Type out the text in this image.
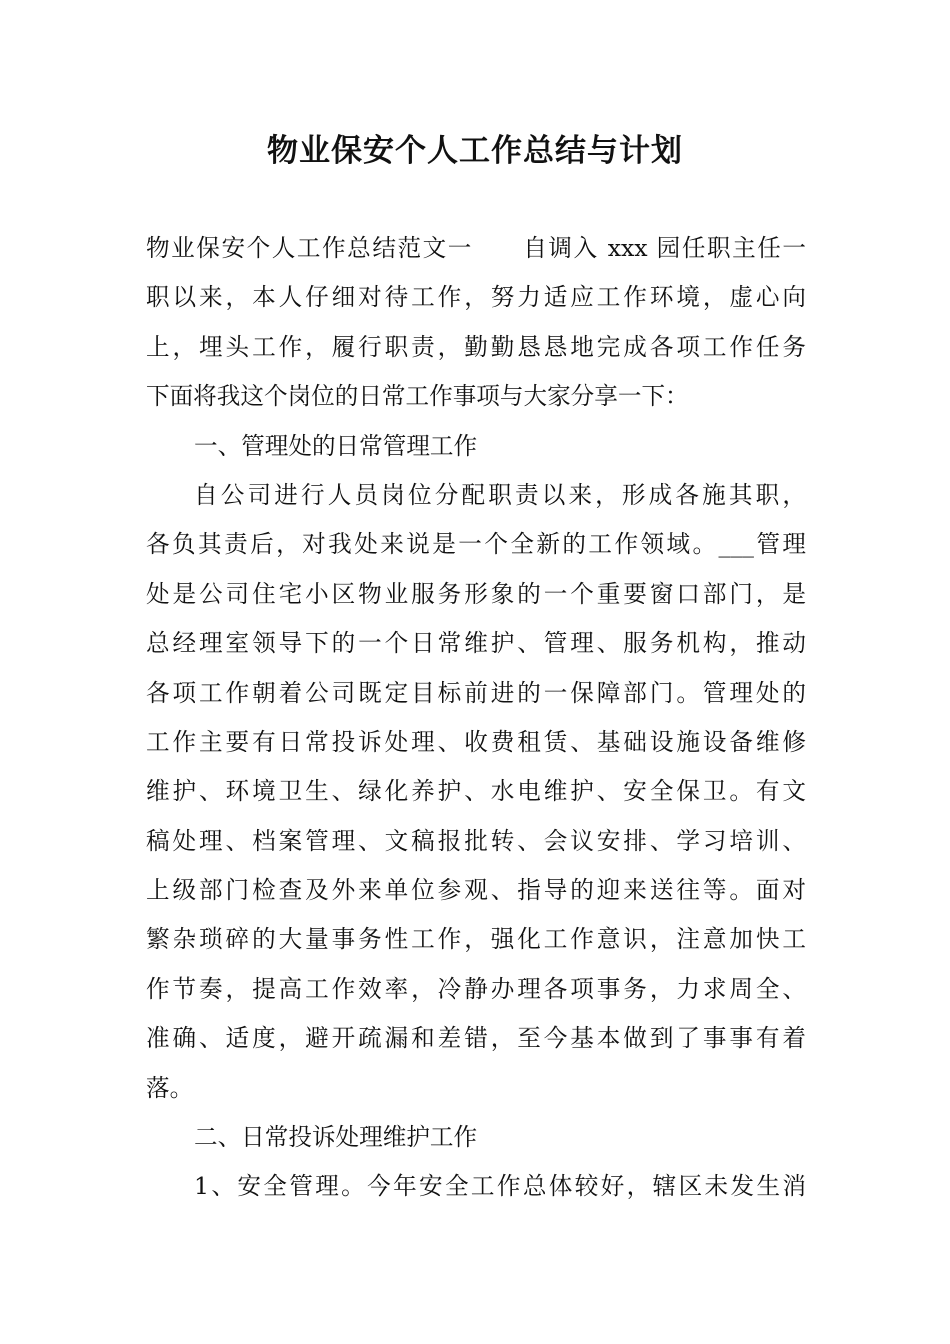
物业保安个人工作总结与计划
物业保安个人工作总结范文一　　自调入 xxx 园任职主任一
职以来，本人仔细对待工作，努力适应工作环境，虚心向
上，埋头工作，履行职责，勤勤恳恳地完成各项工作任务
下面将我这个岗位的日常工作事项与大家分享一下：
一、管理处的日常管理工作
自公司进行人员岗位分配职责以来，形成各施其职，
各负其责后，对我处来说是一个全新的工作领域。___管理
处是公司住宅小区物业服务形象的一个重要窗口部门，是
总经理室领导下的一个日常维护、管理、服务机构，推动
各项工作朝着公司既定目标前进的一保障部门。管理处的
工作主要有日常投诉处理、收费租赁、基础设施设备维修
维护、环境卫生、绿化养护、水电维护、安全保卫。有文
稿处理、档案管理、文稿报批转、会议安排、学习培训、
上级部门检查及外来单位参观、指导的迎来送往等。面对
繁杂琐碎的大量事务性工作，强化工作意识，注意加快工
作节奏，提高工作效率，冷静办理各项事务，力求周全、
准确、适度，避开疏漏和差错，至今基本做到了事事有着
落。
二、日常投诉处理维护工作
1、安全管理。今年安全工作总体较好，辖区未发生消
